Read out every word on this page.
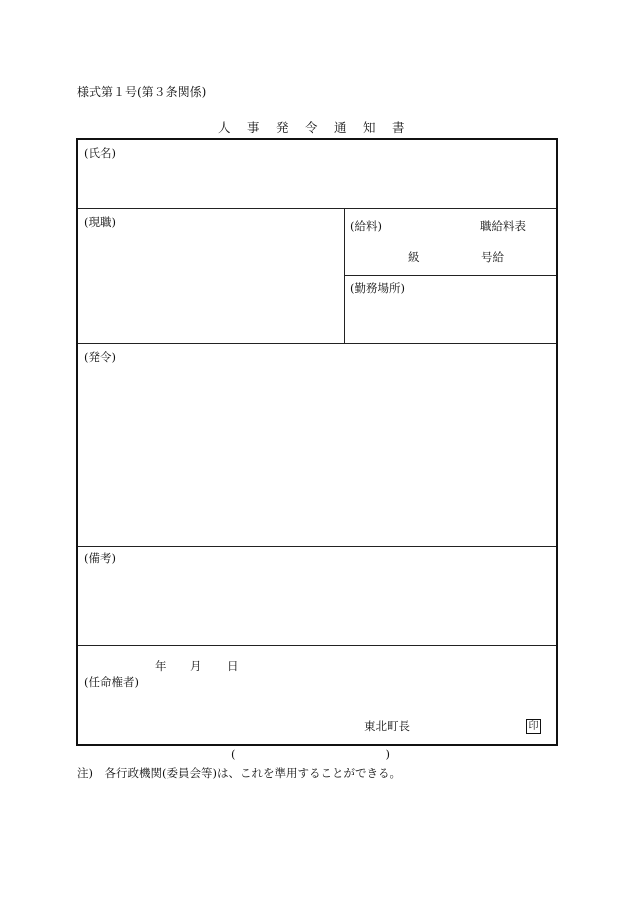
様式第１号(第３条関係)
人事発令通知書
(氏名)
(現職)	(給料)	職給料表
級	号給
(勤務場所)
(発令)
(備考)
年 月 日
(任命権者)
東北町長	印
(	)
注)　各行政機関(委員会等)は、これを準用することができる。
